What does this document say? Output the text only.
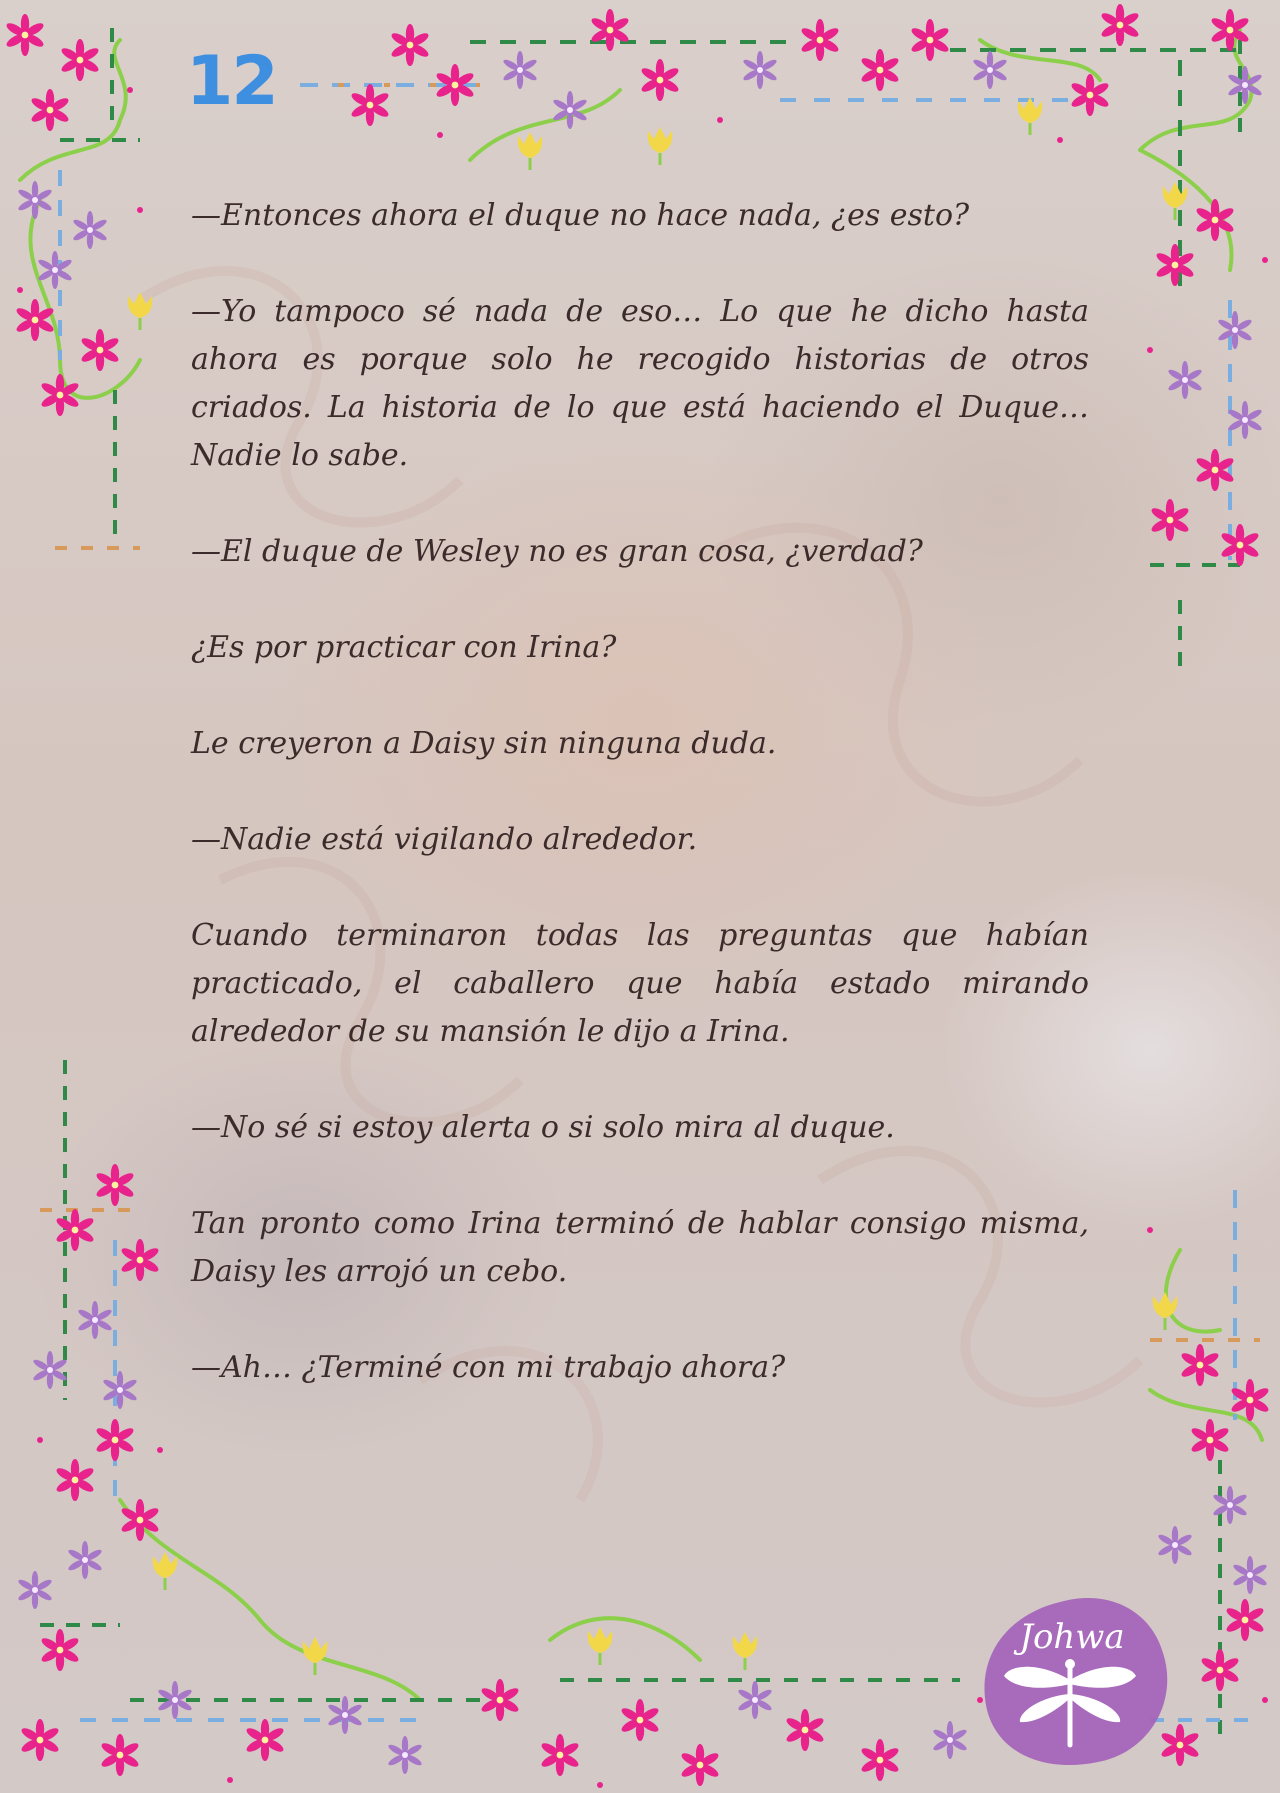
12

—Entonces ahora el duque no hace nada, ¿es esto?

—Yo tampoco sé nada de eso… Lo que he dicho hasta ahora es porque solo he recogido historias de otros criados. La historia de lo que está haciendo el Duque… Nadie lo sabe.

—El duque de Wesley no es gran cosa, ¿verdad?

¿Es por practicar con Irina?

Le creyeron a Daisy sin ninguna duda.

—Nadie está vigilando alrededor.

Cuando terminaron todas las preguntas que habían practicado, el caballero que había estado mirando alrededor de su mansión le dijo a Irina.

—No sé si estoy alerta o si solo mira al duque.

Tan pronto como Irina terminó de hablar consigo misma, Daisy les arrojó un cebo.

—Ah… ¿Terminé con mi trabajo ahora?

Johwa
